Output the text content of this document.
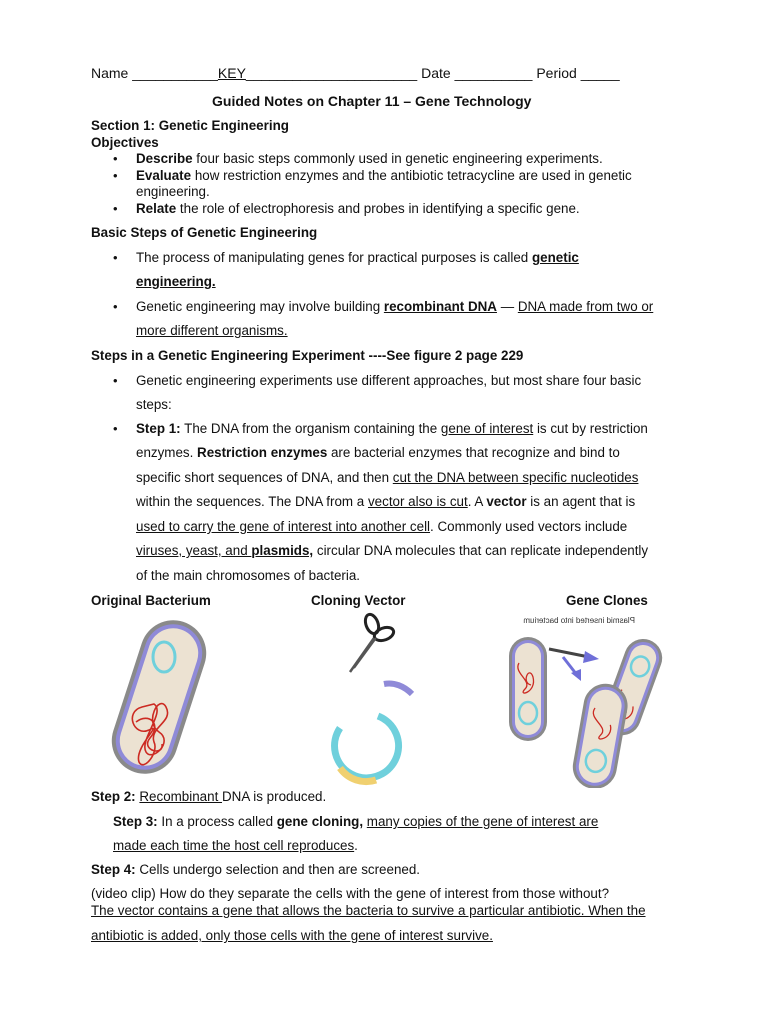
Name ___________KEY______________________ Date __________ Period _____
Guided Notes on Chapter 11 – Gene Technology
Section 1: Genetic Engineering
Objectives
• Describe four basic steps commonly used in genetic engineering experiments.
• Evaluate how restriction enzymes and the antibiotic tetracycline are used in genetic
engineering.
• Relate the role of electrophoresis and probes in identifying a specific gene.
Basic Steps of Genetic Engineering
• The process of manipulating genes for practical purposes is called genetic
engineering.
• Genetic engineering may involve building recombinant DNA — DNA made from two or
more different organisms.
Steps in a Genetic Engineering Experiment ----See figure 2 page 229
• Genetic engineering experiments use different approaches, but most share four basic
steps:
• Step 1: The DNA from the organism containing the gene of interest is cut by restriction
enzymes. Restriction enzymes are bacterial enzymes that recognize and bind to
specific short sequences of DNA, and then cut the DNA between specific nucleotides
within the sequences. The DNA from a vector also is cut. A vector is an agent that is
used to carry the gene of interest into another cell. Commonly used vectors include
viruses, yeast, and plasmids, circular DNA molecules that can replicate independently
of the main chromosomes of bacteria.
Original Bacterium	Cloning Vector	Gene Clones
Plasmid inserted into bacterium
Step 2: Recombinant DNA is produced.
Step 3: In a process called gene cloning, many copies of the gene of interest are
made each time the host cell reproduces.
Step 4: Cells undergo selection and then are screened.
(video clip) How do they separate the cells with the gene of interest from those without?
The vector contains a gene that allows the bacteria to survive a particular antibiotic. When the
antibiotic is added, only those cells with the gene of interest survive.
